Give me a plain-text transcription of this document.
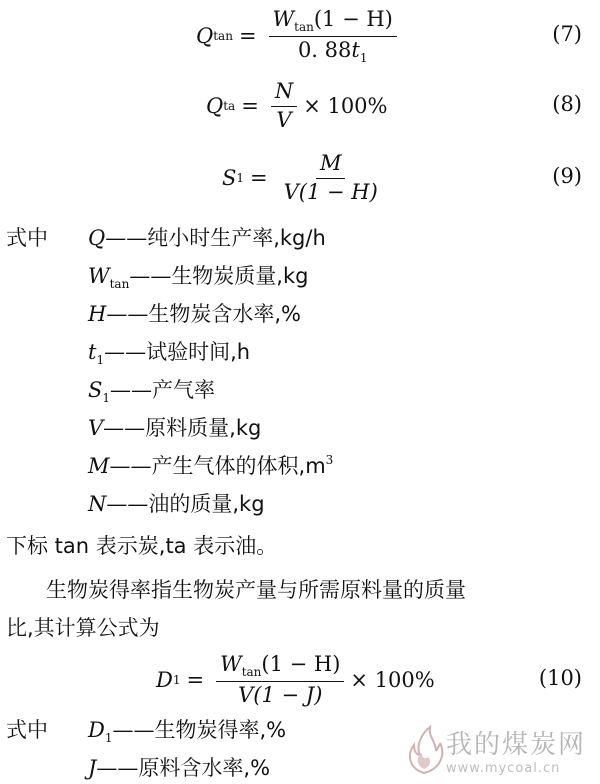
Q $\tan = \frac{W_{tan}(1 - H)}{0. 88t_1}$	(7)
Q ta = $\frac{N}{V} \times 100\%$	(8)
S $1 = \frac{M}{V(1 - H)}$	(9)
式中 Q——纯小时生产率,kg/h
$W_{tan}——$生物炭质量,kg
H——生物炭含水率,%
$t_1——$试验时间,h
$S_1——$产气率
V——原料质量,kg
M——产生气体的体积$,m^3$
N——油的质量,kg
下标 tan 表示炭,ta 表示油。
生物炭得率指生物炭产量与所需原料量的质量
比,其计算公式为
D $1 = \frac{W_{tan}(1 - H)}{V(1 - J)} \times 100\%$	(10)
式中 $D_1——$生物炭得率,%
J——原料含水率,%
我的煤炭网
www.mycoal.cn
